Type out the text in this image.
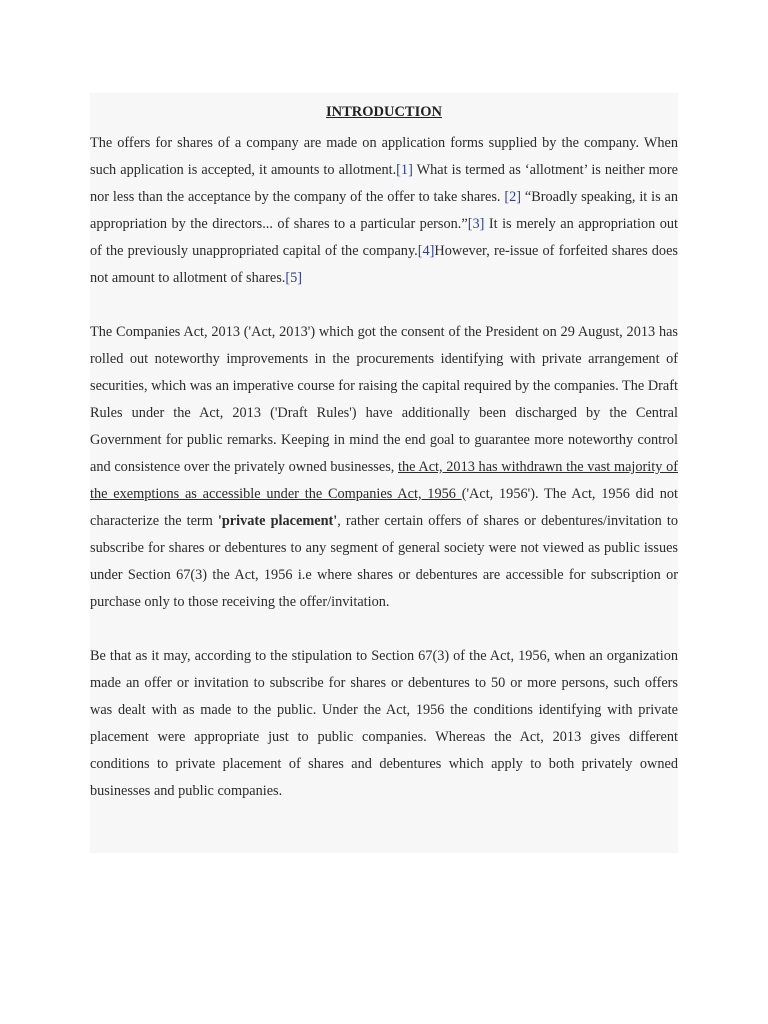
INTRODUCTION

The offers for shares of a company are made on application forms supplied by the company. When such application is accepted, it amounts to allotment.[1] What is termed as ‘allotment’ is neither more nor less than the acceptance by the company of the offer to take shares. [2] “Broadly speaking, it is an appropriation by the directors... of shares to a particular person.”[3] It is merely an appropriation out of the previously unappropriated capital of the company.[4]However, re-issue of forfeited shares does not amount to allotment of shares.[5]

The Companies Act, 2013 ('Act, 2013') which got the consent of the President on 29 August, 2013 has rolled out noteworthy improvements in the procurements identifying with private arrangement of securities, which was an imperative course for raising the capital required by the companies. The Draft Rules under the Act, 2013 ('Draft Rules') have additionally been discharged by the Central Government for public remarks. Keeping in mind the end goal to guarantee more noteworthy control and consistence over the privately owned businesses, the Act, 2013 has withdrawn the vast majority of the exemptions as accessible under the Companies Act, 1956 ('Act, 1956'). The Act, 1956 did not characterize the term 'private placement', rather certain offers of shares or debentures/invitation to subscribe for shares or debentures to any segment of general society were not viewed as public issues under Section 67(3) the Act, 1956 i.e where shares or debentures are accessible for subscription or purchase only to those receiving the offer/invitation.

Be that as it may, according to the stipulation to Section 67(3) of the Act, 1956, when an organization made an offer or invitation to subscribe for shares or debentures to 50 or more persons, such offers was dealt with as made to the public. Under the Act, 1956 the conditions identifying with private placement were appropriate just to public companies. Whereas the Act, 2013 gives different conditions to private placement of shares and debentures which apply to both privately owned businesses and public companies.
